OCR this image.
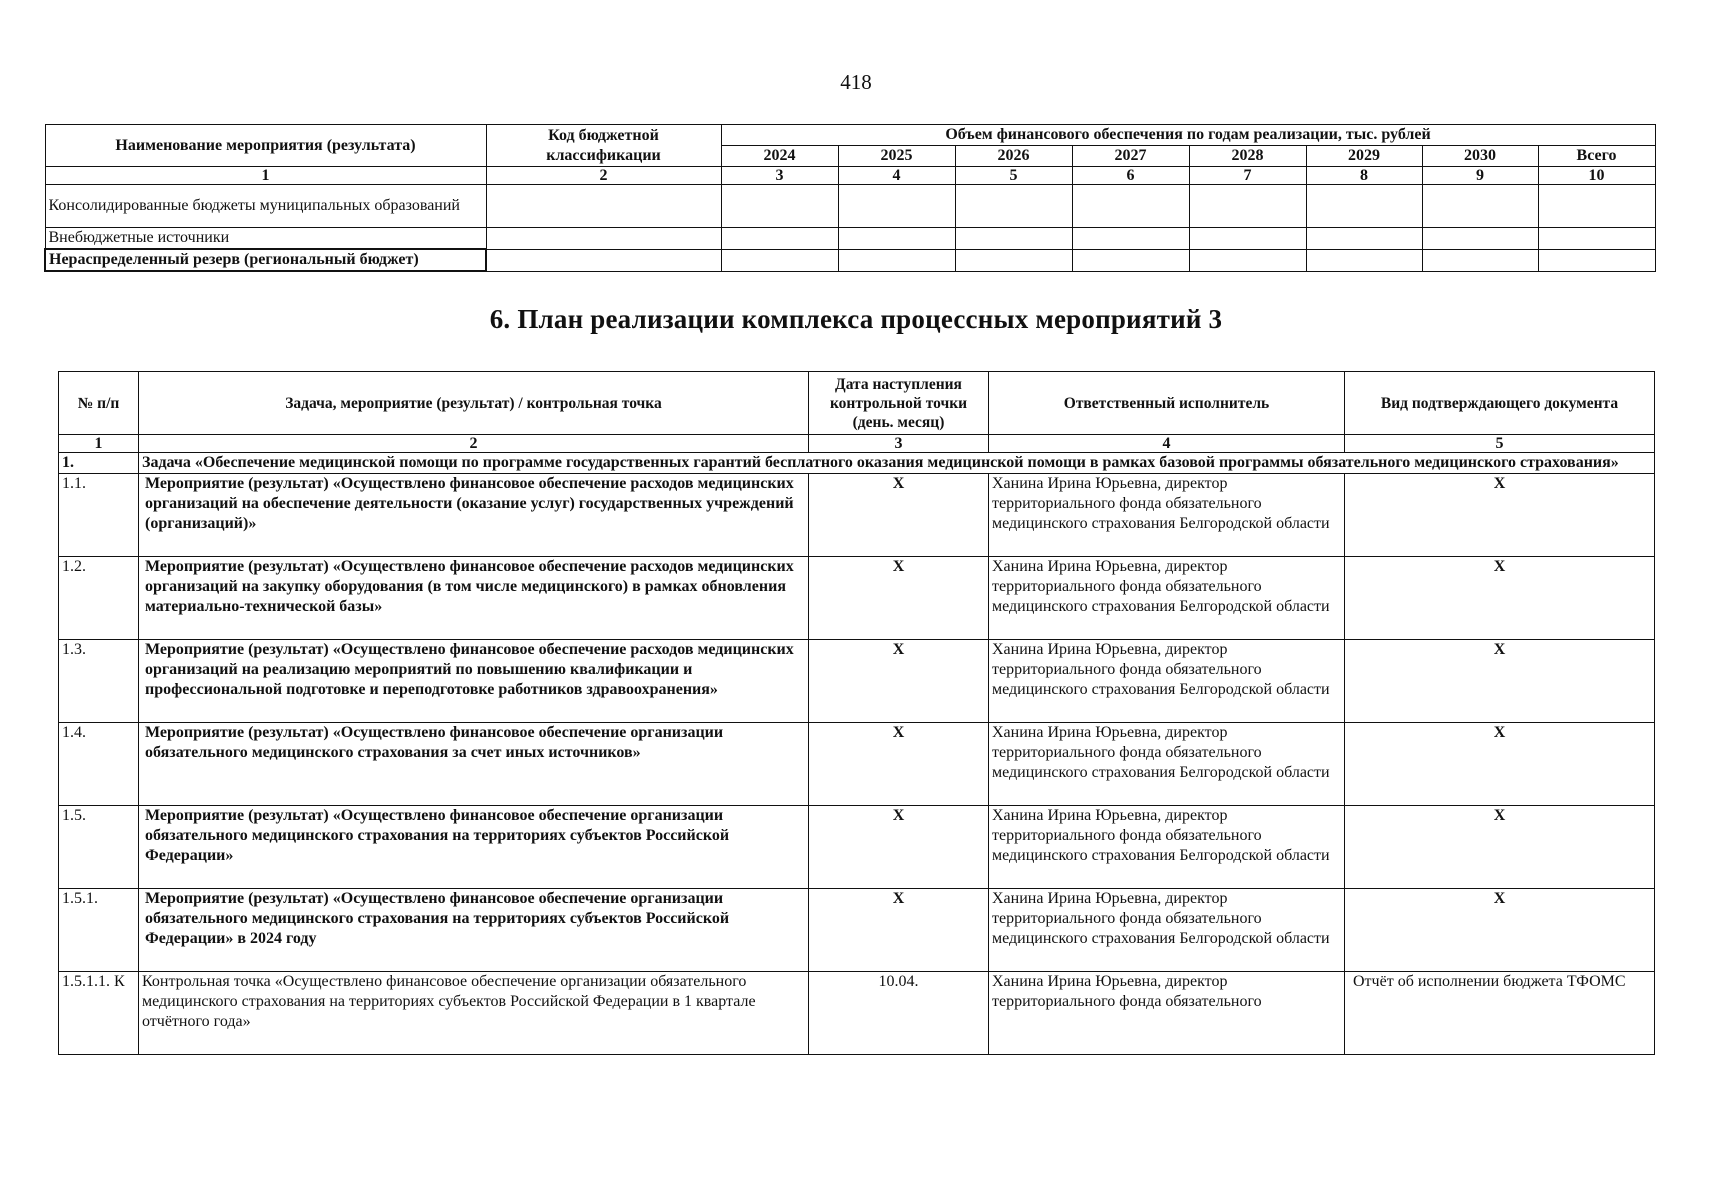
418
Наименование мероприятия (результата)	Код бюджетной классификации	Объем финансового обеспечения по годам реализации, тыс. рублей							
		2024	2025	2026	2027	2028	2029	2030	Всего
1	2	3	4	5	6	7	8	9	10
Консолидированные бюджеты муниципальных образований									
Внебюджетные источники									
Нераспределенный резерв (региональный бюджет)									
6. План реализации комплекса процессных мероприятий 3
№ п/п	Задача, мероприятие (результат) / контрольная точка	Дата наступления контрольной точки (день. месяц)	Ответственный исполнитель	Вид подтверждающего документа
1	2	3	4	5
1.	Задача «Обеспечение медицинской помощи по программе государственных гарантий бесплатного оказания медицинской помощи в рамках базовой программы обязательного медицинского страхования»			
1.1.	Мероприятие (результат) «Осуществлено финансовое обеспечение расходов медицинских организаций на обеспечение деятельности (оказание услуг) государственных учреждений (организаций)»	X	Ханина Ирина Юрьевна, директор территориального фонда обязательного медицинского страхования Белгородской области	X
1.2.	Мероприятие (результат) «Осуществлено финансовое обеспечение расходов медицинских организаций на закупку оборудования (в том числе медицинского) в рамках обновления материально-технической базы»	X	Ханина Ирина Юрьевна, директор территориального фонда обязательного медицинского страхования Белгородской области	X
1.3.	Мероприятие (результат) «Осуществлено финансовое обеспечение расходов медицинских организаций на реализацию мероприятий по повышению квалификации и профессиональной подготовке и переподготовке работников здравоохранения»	X	Ханина Ирина Юрьевна, директор территориального фонда обязательного медицинского страхования Белгородской области	X
1.4.	Мероприятие (результат) «Осуществлено финансовое обеспечение организации обязательного медицинского страхования за счет иных источников»	X	Ханина Ирина Юрьевна, директор территориального фонда обязательного медицинского страхования Белгородской области	X
1.5.	Мероприятие (результат) «Осуществлено финансовое обеспечение организации обязательного медицинского страхования на территориях субъектов Российской Федерации»	X	Ханина Ирина Юрьевна, директор территориального фонда обязательного медицинского страхования Белгородской области	X
1.5.1.	Мероприятие (результат) «Осуществлено финансовое обеспечение организации обязательного медицинского страхования на территориях субъектов Российской Федерации» в 2024 году	X	Ханина Ирина Юрьевна, директор территориального фонда обязательного медицинского страхования Белгородской области	X
1.5.1.1. К	Контрольная точка «Осуществлено финансовое обеспечение организации обязательного медицинского страхования на территориях субъектов Российской Федерации в 1 квартале отчётного года»	10.04.	Ханина Ирина Юрьевна, директор территориального фонда обязательного	Отчёт об исполнении бюджета ТФОМС
